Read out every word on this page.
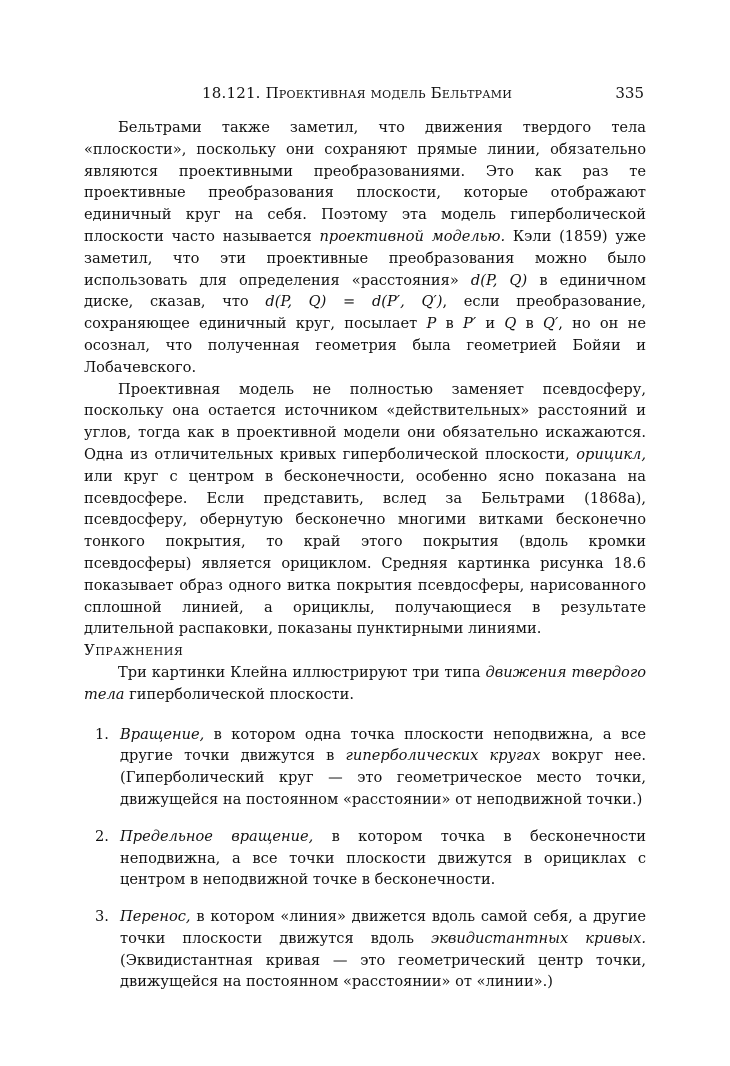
18.121. Проективная модель Бельтрами	335

Бельтрами также заметил, что движения твердого тела «плоскости», поскольку они сохраняют прямые линии, обязательно являются проективными преобразованиями. Это как раз те проективные преобразования плоскости, которые отображают единичный круг на себя. Поэтому эта модель гиперболической плоскости часто называется проективной моделью. Кэли (1859) уже заметил, что эти проективные преобразования можно было использовать для определения «расстояния» d(P, Q) в единичном диске, сказав, что d(P, Q) = d(P′, Q′), если преобразование, сохраняющее единичный круг, посылает P в P′ и Q в Q′, но он не осознал, что полученная геометрия была геометрией Бойяи и Лобачевского.

Проективная модель не полностью заменяет псевдосферу, поскольку она остается источником «действительных» расстояний и углов, тогда как в проективной модели они обязательно искажаются. Одна из отличительных кривых гиперболической плоскости, орицикл, или круг с центром в бесконечности, особенно ясно показана на псевдосфере. Если представить, вслед за Бельтрами (1868а), псевдосферу, обернутую бесконечно многими витками бесконечно тонкого покрытия, то край этого покрытия (вдоль кромки псевдосферы) является орициклом. Средняя картинка рисунка 18.6 показывает образ одного витка покрытия псевдосферы, нарисованного сплошной линией, а орициклы, получающиеся в результате длительной распаковки, показаны пунктирными линиями.

Упражнения

Три картинки Клейна иллюстрируют три типа движения твердого тела гиперболической плоскости.

1. Вращение, в котором одна точка плоскости неподвижна, а все другие точки движутся в гиперболических кругах вокруг нее. (Гиперболический круг — это геометрическое место точки, движущейся на постоянном «расстоянии» от неподвижной точки.)
2. Предельное вращение, в котором точка в бесконечности неподвижна, а все точки плоскости движутся в орициклах с центром в неподвижной точке в бесконечности.
3. Перенос, в котором «линия» движется вдоль самой себя, а другие точки плоскости движутся вдоль эквидистантных кривых. (Эквидистантная кривая — это геометрический центр точки, движущейся на постоянном «расстоянии» от «линии».)
